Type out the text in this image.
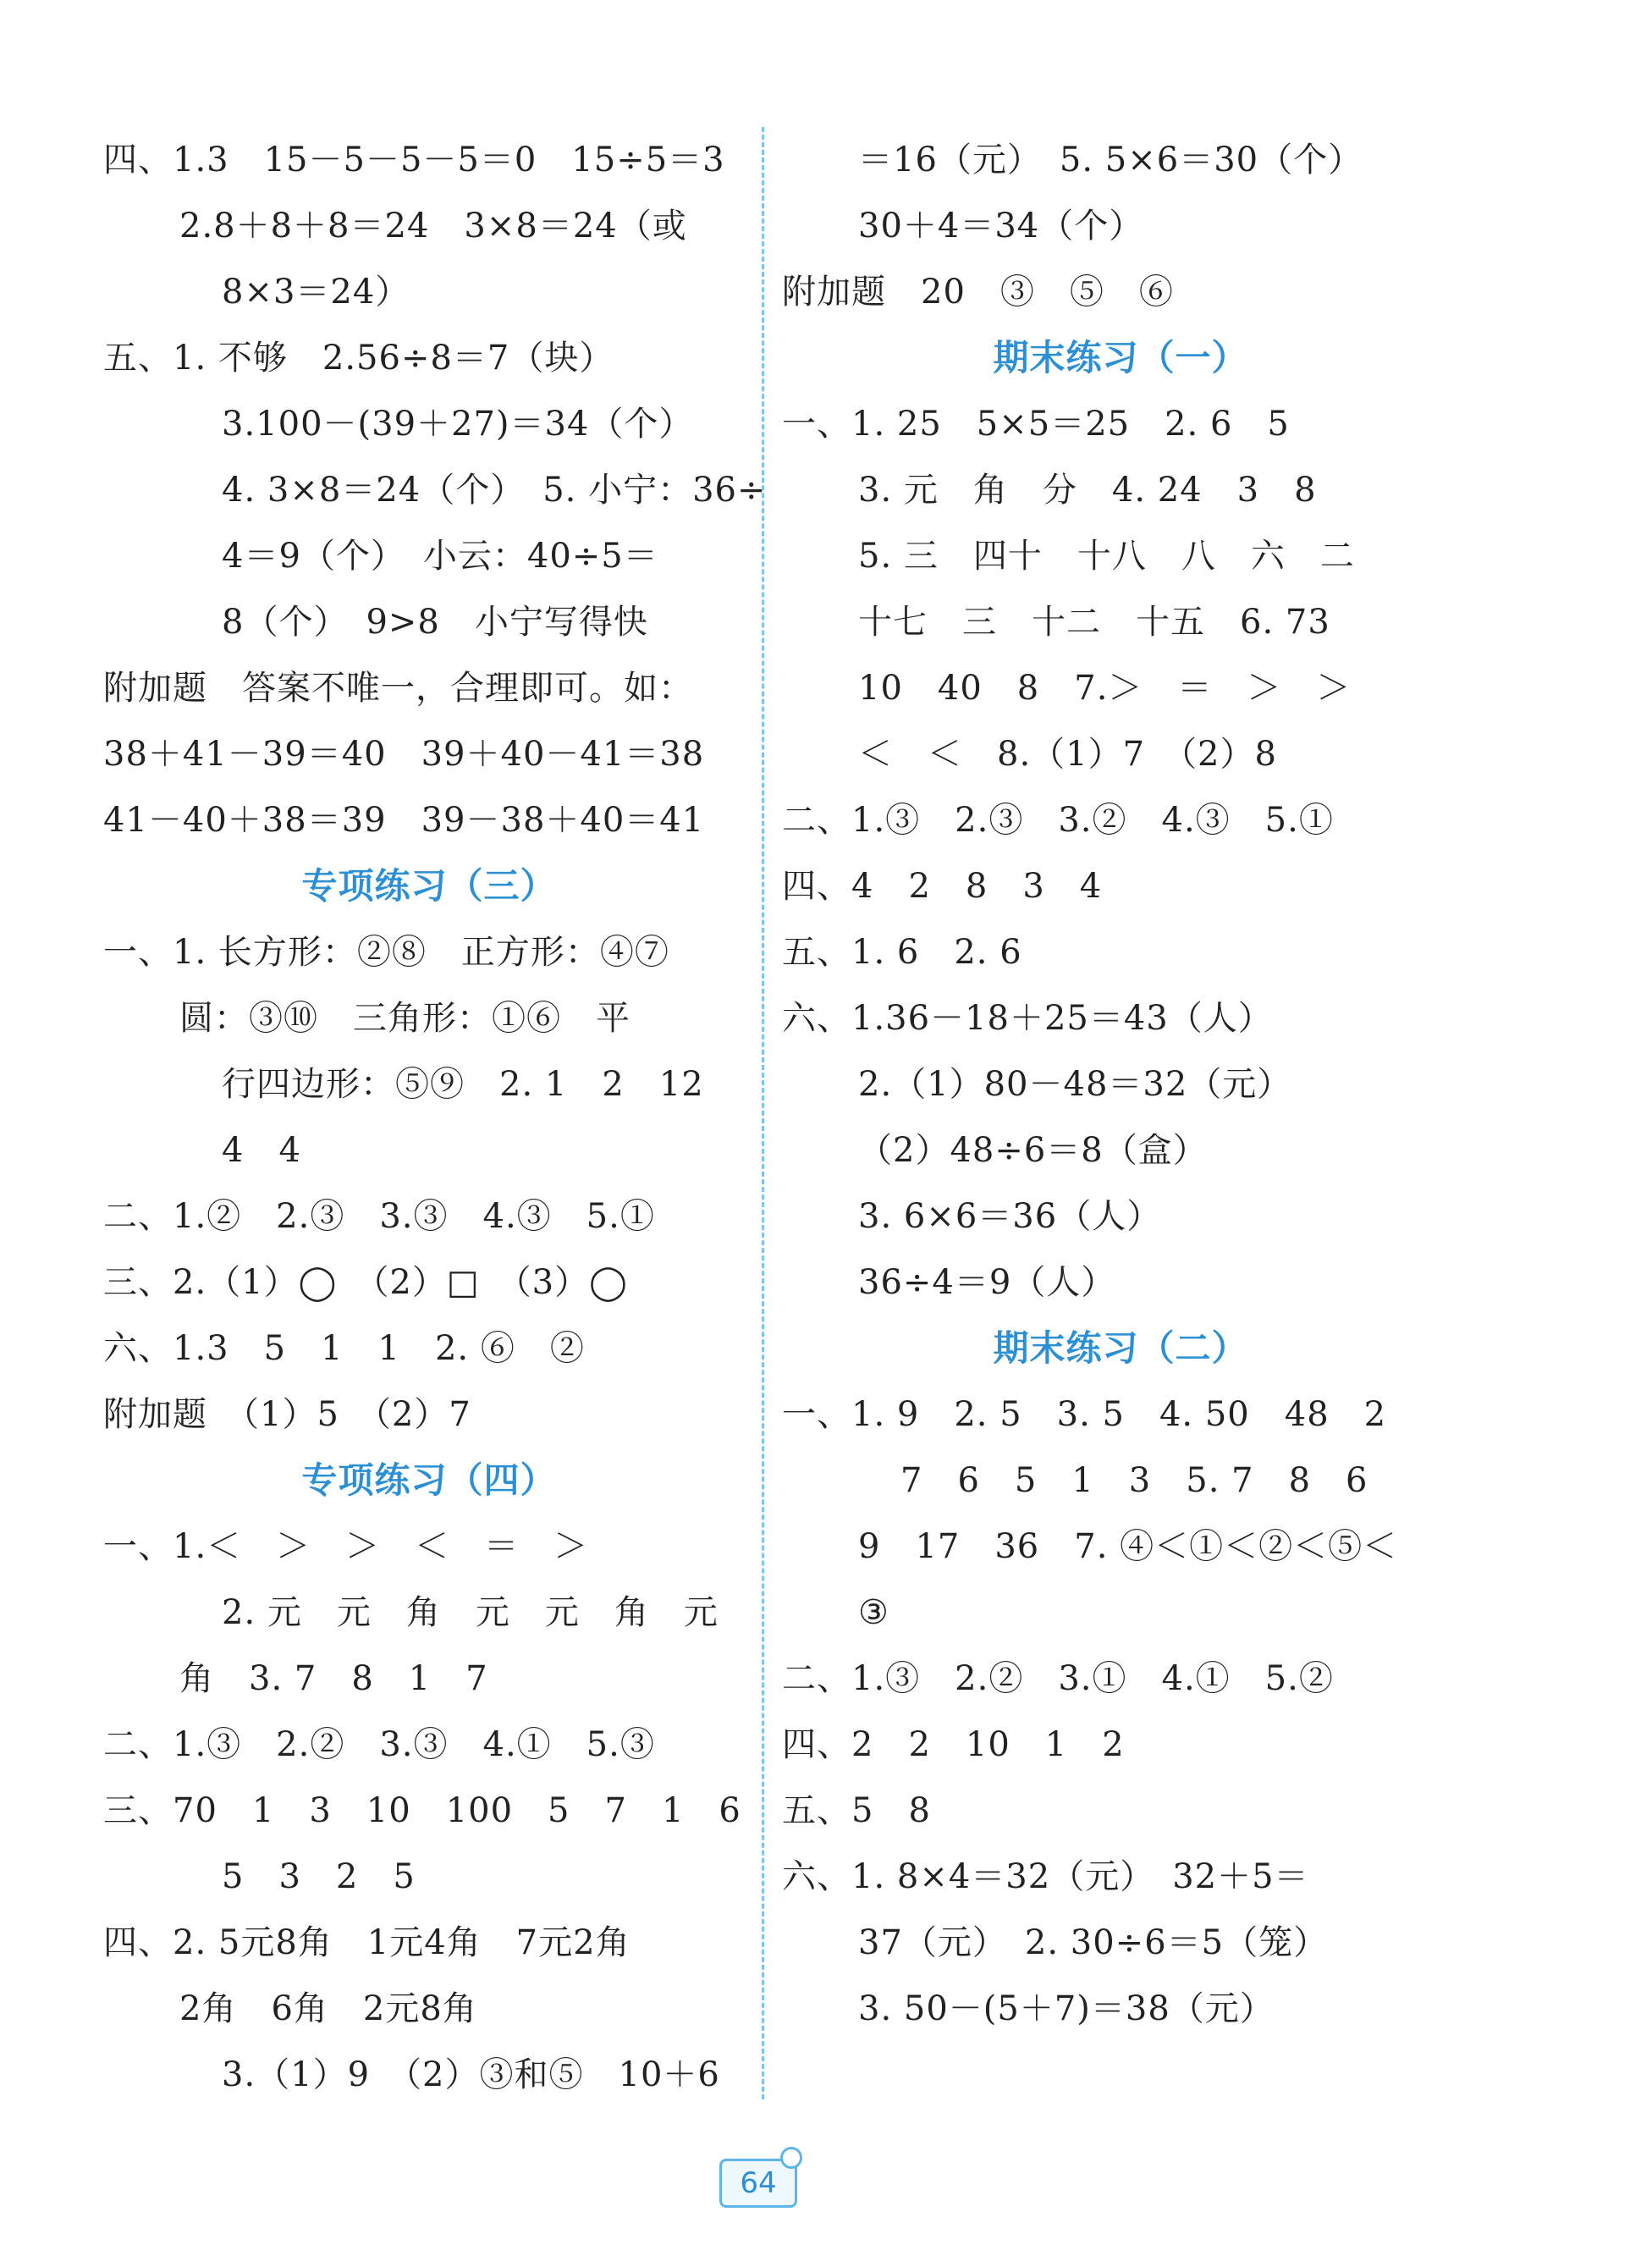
四、1.3　15－5－5－5＝0　15÷5＝3
2.8＋8＋8＝24　3×8＝24（或
8×3＝24）
五、1. 不够　2.56÷8＝7（块）
3.100－(39＋27)＝34（个）
4. 3×8＝24（个）　5. 小宁：36÷
4＝9（个）　小云：40÷5＝
8（个）　9>8　小宁写得快
附加题　答案不唯一，合理即可。如：
38＋41－39＝40　39＋40－41＝38
41－40＋38＝39　39－38＋40＝41
专项练习（三）
一、1. 长方形：②⑧　正方形：④⑦
圆：③⑩　三角形：①⑥　平
行四边形：⑤⑨　2. 1　2　12
4　4
二、1.②　2.③　3.③　4.③　5.①
三、2.（1）◯　（2）□　（3）◯
六、1.3　5　1　1　2. ⑥　②
附加题　（1）5　（2）7
专项练习（四）
一、1.＜　＞　＞　＜　＝　＞
2. 元　元　角　元　元　角　元
角　3. 7　8　1　7
二、1.③　2.②　3.③　4.①　5.③
三、70　1　3　10　100　5　7　1　6
5　3　2　5
四、2. 5元8角　1元4角　7元2角
2角　6角　2元8角
3.（1）9　（2）③和⑤　10＋6
＝16（元）　5. 5×6＝30（个）
30＋4＝34（个）
附加题　20　③　⑤　⑥
期末练习（一）
一、1. 25　5×5＝25　2. 6　5
3. 元　角　分　4. 24　3　8
5. 三　四十　十八　八　六　二
十七　三　十二　十五　6. 73
10　40　8　7.＞　＝　＞　＞
＜　＜　8.（1）7　（2）8
二、1.③　2.③　3.②　4.③　5.①
四、4　2　8　3　4
五、1. 6　2. 6
六、1.36－18＋25＝43（人）
2.（1）80－48＝32（元）
（2）48÷6＝8（盒）
3. 6×6＝36（人）
36÷4＝9（人）
期末练习（二）
一、1. 9　2. 5　3. 5　4. 50　48　2
7　6　5　1　3　5. 7　8　6
9　17　36　7. ④＜①＜②＜⑤＜
③
二、1.③　2.②　3.①　4.①　5.②
四、2　2　10　1　2
五、5　8
六、1. 8×4＝32（元）　32＋5＝
37（元）　2. 30÷6＝5（笼）
3. 50－(5＋7)＝38（元）
64
